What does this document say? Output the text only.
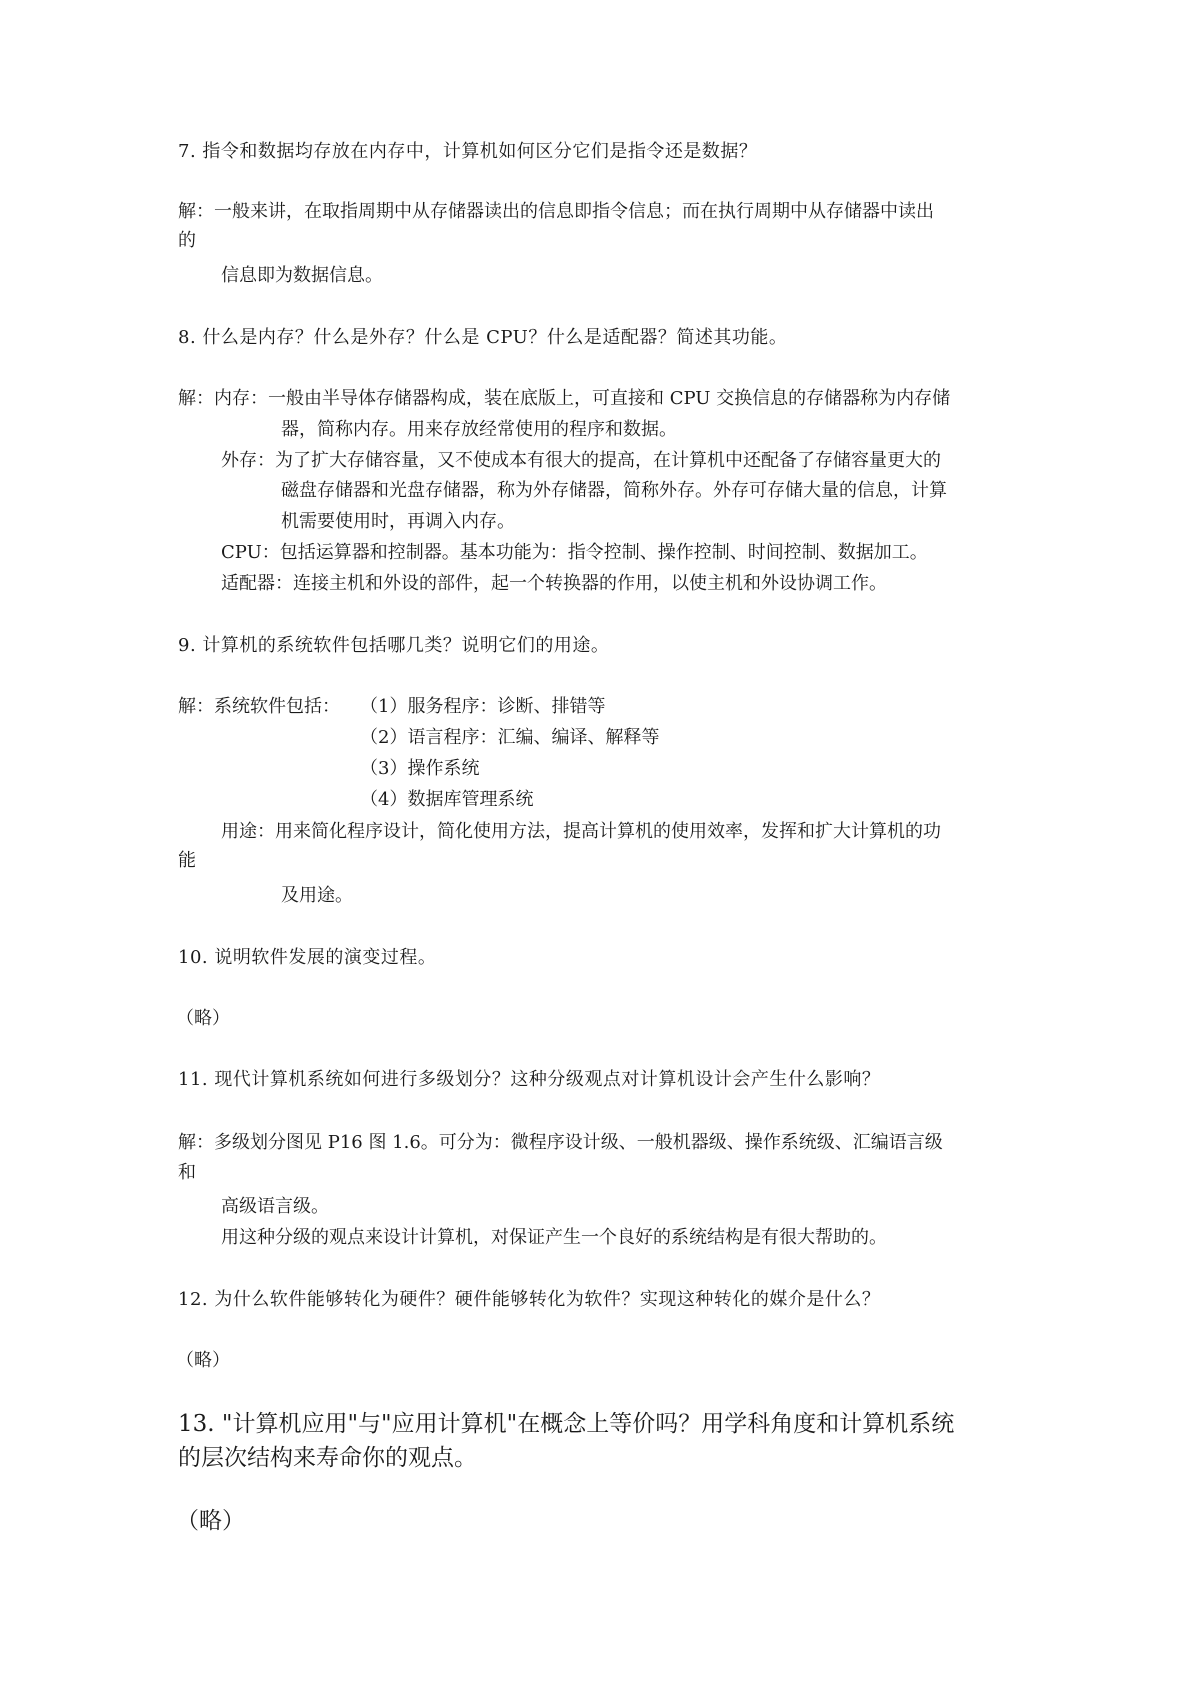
7. 指令和数据均存放在内存中，计算机如何区分它们是指令还是数据？
解：一般来讲，在取指周期中从存储器读出的信息即指令信息；而在执行周期中从存储器中读出
的
信息即为数据信息。
8. 什么是内存？什么是外存？什么是 CPU？什么是适配器？简述其功能。
解：内存：一般由半导体存储器构成，装在底版上，可直接和 CPU 交换信息的存储器称为内存储
器，简称内存。用来存放经常使用的程序和数据。
外存：为了扩大存储容量，又不使成本有很大的提高，在计算机中还配备了存储容量更大的
磁盘存储器和光盘存储器，称为外存储器，简称外存。外存可存储大量的信息，计算
机需要使用时，再调入内存。
CPU：包括运算器和控制器。基本功能为：指令控制、操作控制、时间控制、数据加工。
适配器：连接主机和外设的部件，起一个转换器的作用，以使主机和外设协调工作。
9. 计算机的系统软件包括哪几类？说明它们的用途。
解：系统软件包括： （1）服务程序：诊断、排错等
（2）语言程序：汇编、编译、解释等
（3）操作系统
（4）数据库管理系统
用途：用来简化程序设计，简化使用方法，提高计算机的使用效率，发挥和扩大计算机的功
能
及用途。
10. 说明软件发展的演变过程。
（略）
11. 现代计算机系统如何进行多级划分？这种分级观点对计算机设计会产生什么影响？
解：多级划分图见 P16 图 1.6。可分为：微程序设计级、一般机器级、操作系统级、汇编语言级
和
高级语言级。
用这种分级的观点来设计计算机，对保证产生一个良好的系统结构是有很大帮助的。
12. 为什么软件能够转化为硬件？硬件能够转化为软件？实现这种转化的媒介是什么？
（略）
13. "计算机应用"与"应用计算机"在概念上等价吗？用学科角度和计算机系统
的层次结构来寿命你的观点。
（略）
